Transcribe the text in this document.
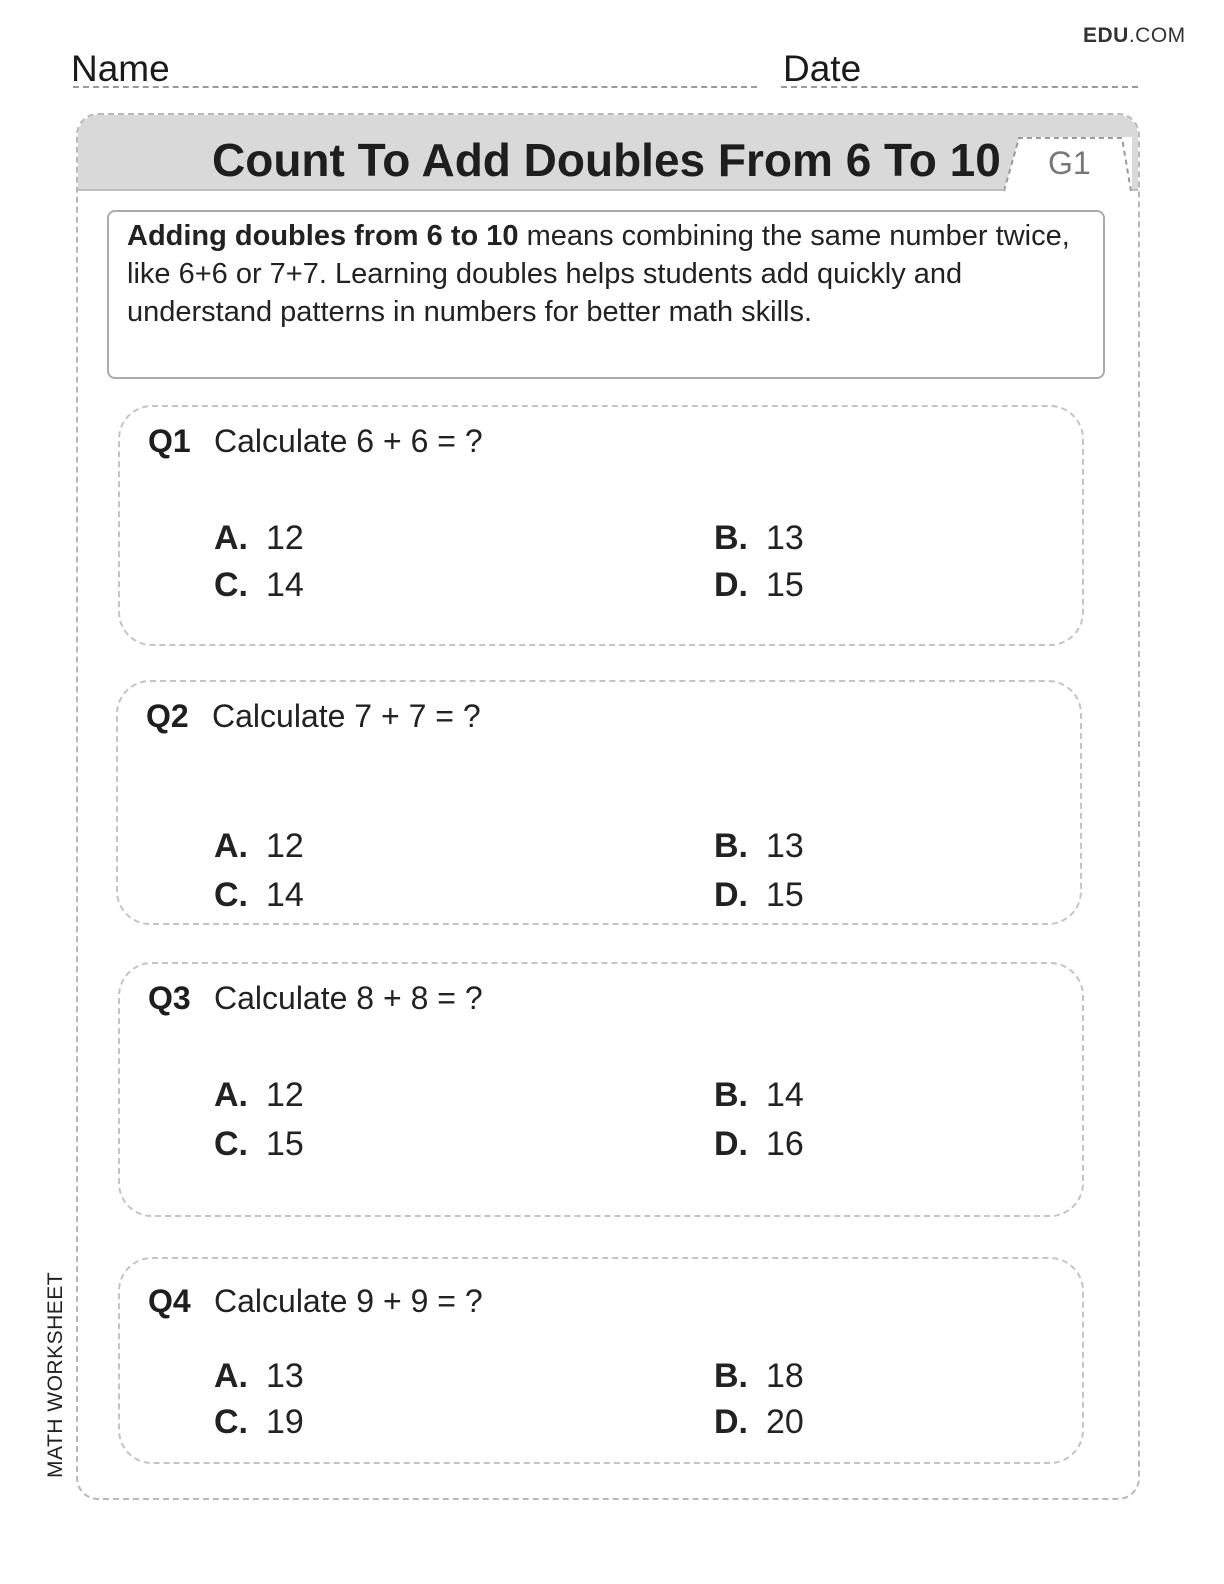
EDU.COM
Name	Date
Count To Add Doubles From 6 To 10 G1
Adding doubles from 6 to 10 means combining the same number twice, like 6+6 or 7+7. Learning doubles helps students add quickly and understand patterns in numbers for better math skills.
Q1 Calculate 6 + 6 = ?
A. 12	B. 13
C. 14	D. 15
Q2 Calculate 7 + 7 = ?
A. 12	B. 13
C. 14	D. 15
Q3 Calculate 8 + 8 = ?
A. 12	B. 14
C. 15	D. 16
Q4 Calculate 9 + 9 = ?
A. 13	B. 18
C. 19	D. 20
MATH WORKSHEET
